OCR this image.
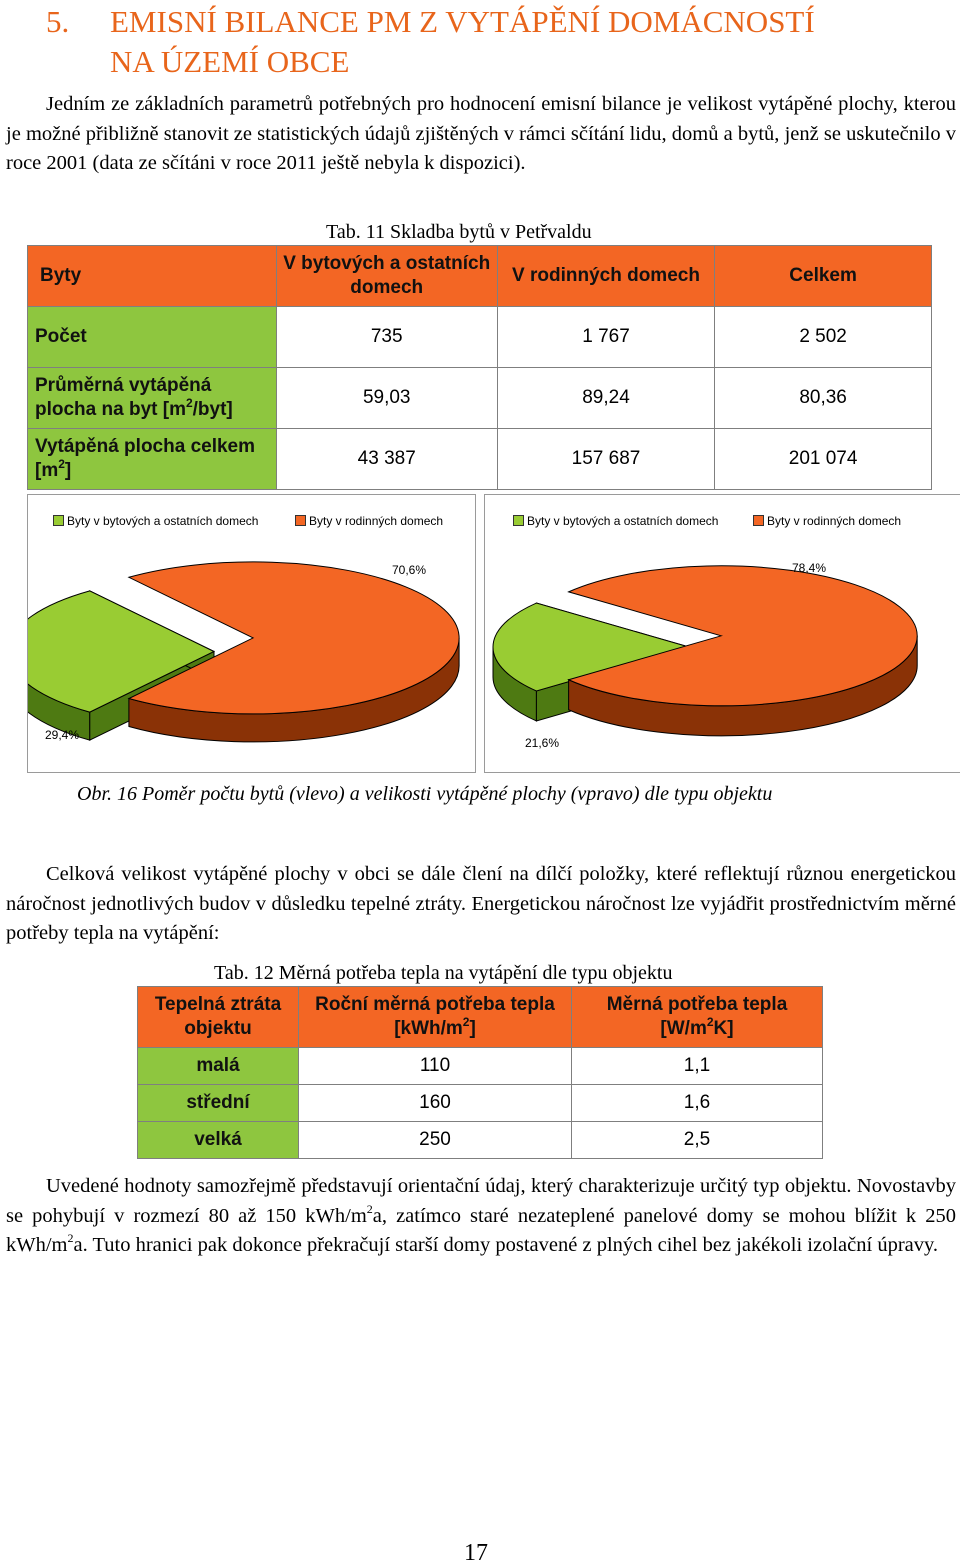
5. EMISNÍ BILANCE PM Z VYTÁPĚNÍ DOMÁCNOSTÍ
NA ÚZEMÍ OBCE
Jedním ze základních parametrů potřebných pro hodnocení emisní bilance je velikost vytápěné plochy, kterou je možné přibližně stanovit ze statistických údajů zjištěných v rámci sčítání lidu, domů a bytů, jenž se uskutečnilo v roce 2001 (data ze sčítáni v roce 2011 ještě nebyla k dispozici).
Tab. 11 Skladba bytů v Petřvaldu
Byty	V bytových a ostatních domech	V rodinných domech	Celkem
Počet	735	1 767	2 502
Průměrná vytápěná plocha na byt $[m^2/byt]$	59,03	89,24	80,36
Vytápěná plocha celkem $[m^2]$	43 387	157 687	201 074
Byty v bytových a ostatních domech	Byty v rodinných domech
70,6%
29,4%
Byty v bytových a ostatních domech	Byty v rodinných domech
78,4%
21,6%
Obr. 16 Poměr počtu bytů (vlevo) a velikosti vytápěné plochy (vpravo) dle typu objektu
Celková velikost vytápěné plochy v obci se dále člení na dílčí položky, které reflektují různou energetickou náročnost jednotlivých budov v důsledku tepelné ztráty. Energetickou náročnost lze vyjádřit prostřednictvím měrné potřeby tepla na vytápění:
Tab. 12 Měrná potřeba tepla na vytápění dle typu objektu
Tepelná ztráta objektu	Roční měrná potřeba tepla $[kWh/m^2]$	Měrná potřeba tepla $[W/m^2K]$
malá	110	1,1
střední	160	1,6
velká	250	2,5
Uvedené hodnoty samozřejmě představují orientační údaj, který charakterizuje určitý typ objektu. Novostavby se pohybují v rozmezí 80 až 150 kWh/$m^2a$, zatímco staré nezateplené panelové domy se mohou blížit k 250 kWh/$m^2a$. Tuto hranici pak dokonce překračují starší domy postavené z plných cihel bez jakékoli izolační úpravy.
17
